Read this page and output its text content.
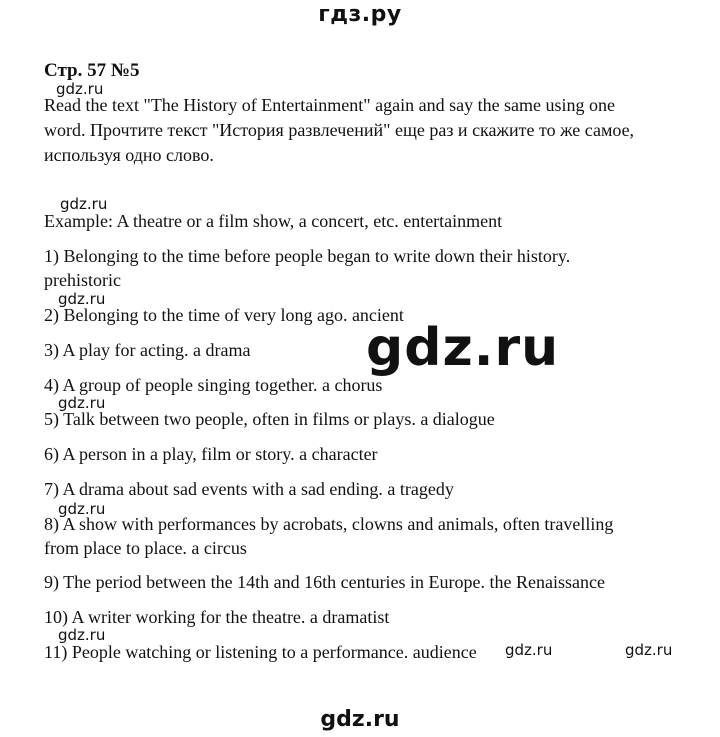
гдз.ру
Стр. 57 №5
gdz.ru
gdz.ru
gdz.ru
gdz.ru
gdz.ru
gdz.ru
gdz.ru	gdz.ru
gdz.ru
Read the text "The History of Entertainment" again and say the same using one
word. Прочтите текст "История развлечений" еще раз и скажите то же самое,
используя одно слово.
Example: A theatre or a film show, a concert, etc. entertainment
1) Belonging to the time before people began to write down their history.
prehistoric
2) Belonging to the time of very long ago. ancient
3) A play for acting. a drama
4) A group of people singing together. a chorus
5) Talk between two people, often in films or plays. a dialogue
6) A person in a play, film or story. a character
7) A drama about sad events with a sad ending. a tragedy
8) A show with performances by acrobats, clowns and animals, often travelling
from place to place. a circus
9) The period between the 14th and 16th centuries in Europe. the Renaissance
10) A writer working for the theatre. a dramatist
11) People watching or listening to a performance. audience
gdz.ru
